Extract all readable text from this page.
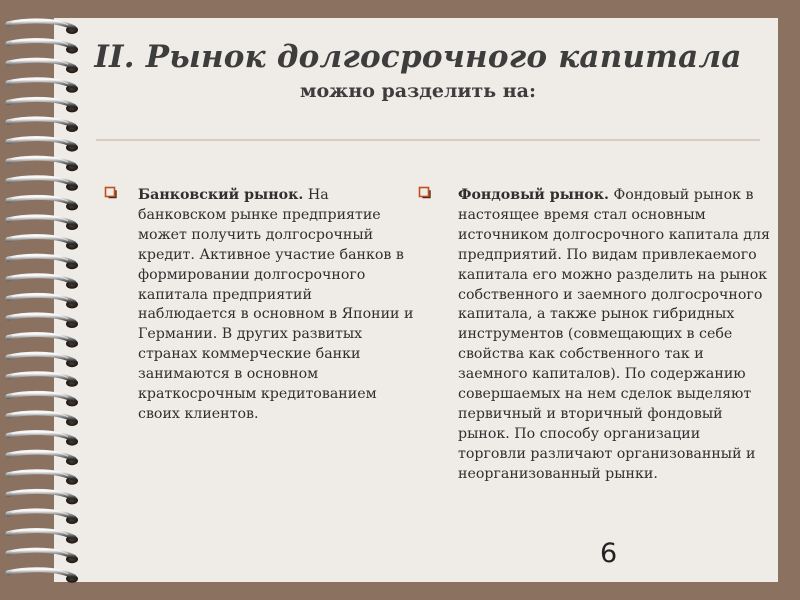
II. Рынок долгосрочного капитала
можно разделить на:
Банковский рынок. На банковском рынке предприятие может получить долгосрочный кредит. Активное участие банков в формировании долгосрочного капитала предприятий наблюдается в основном в Японии и Германии. В других развитых странах коммерческие банки занимаются в основном краткосрочным кредитованием своих клиентов.
Фондовый рынок. Фондовый рынок в настоящее время стал основным источником долгосрочного капитала для предприятий. По видам привлекаемого капитала его можно разделить на рынок собственного и заемного долгосрочного капитала, а также рынок гибридных инструментов (совмещающих в себе свойства как собственного так и заемного капиталов). По содержанию совершаемых на нем сделок выделяют первичный и вторичный фондовый рынок. По способу организации торговли различают организованный и неорганизованный рынки.
6
